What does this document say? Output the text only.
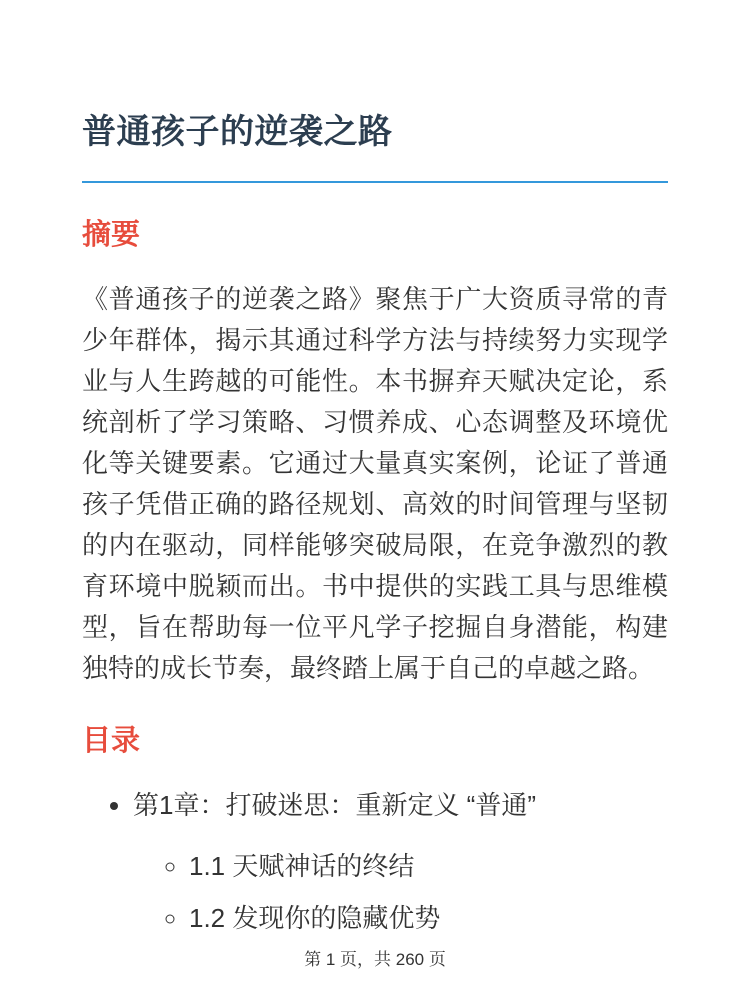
普通孩子的逆袭之路
摘要

《普通孩子的逆袭之路》聚焦于广大资质寻常的青少年群体，揭示其通过科学方法与持续努力实现学业与人生跨越的可能性。本书摒弃天赋决定论，系统剖析了学习策略、习惯养成、心态调整及环境优化等关键要素。它通过大量真实案例，论证了普通孩子凭借正确的路径规划、高效的时间管理与坚韧的内在驱动，同样能够突破局限，在竞争激烈的教育环境中脱颖而出。书中提供的实践工具与思维模型，旨在帮助每一位平凡学子挖掘自身潜能，构建独特的成长节奏，最终踏上属于自己的卓越之路。

目录
• 第1章：打破迷思：重新定义 “普通”
◦ 1.1 天赋神话的终结
◦ 1.2 发现你的隐藏优势
第 1 页，共 260 页
